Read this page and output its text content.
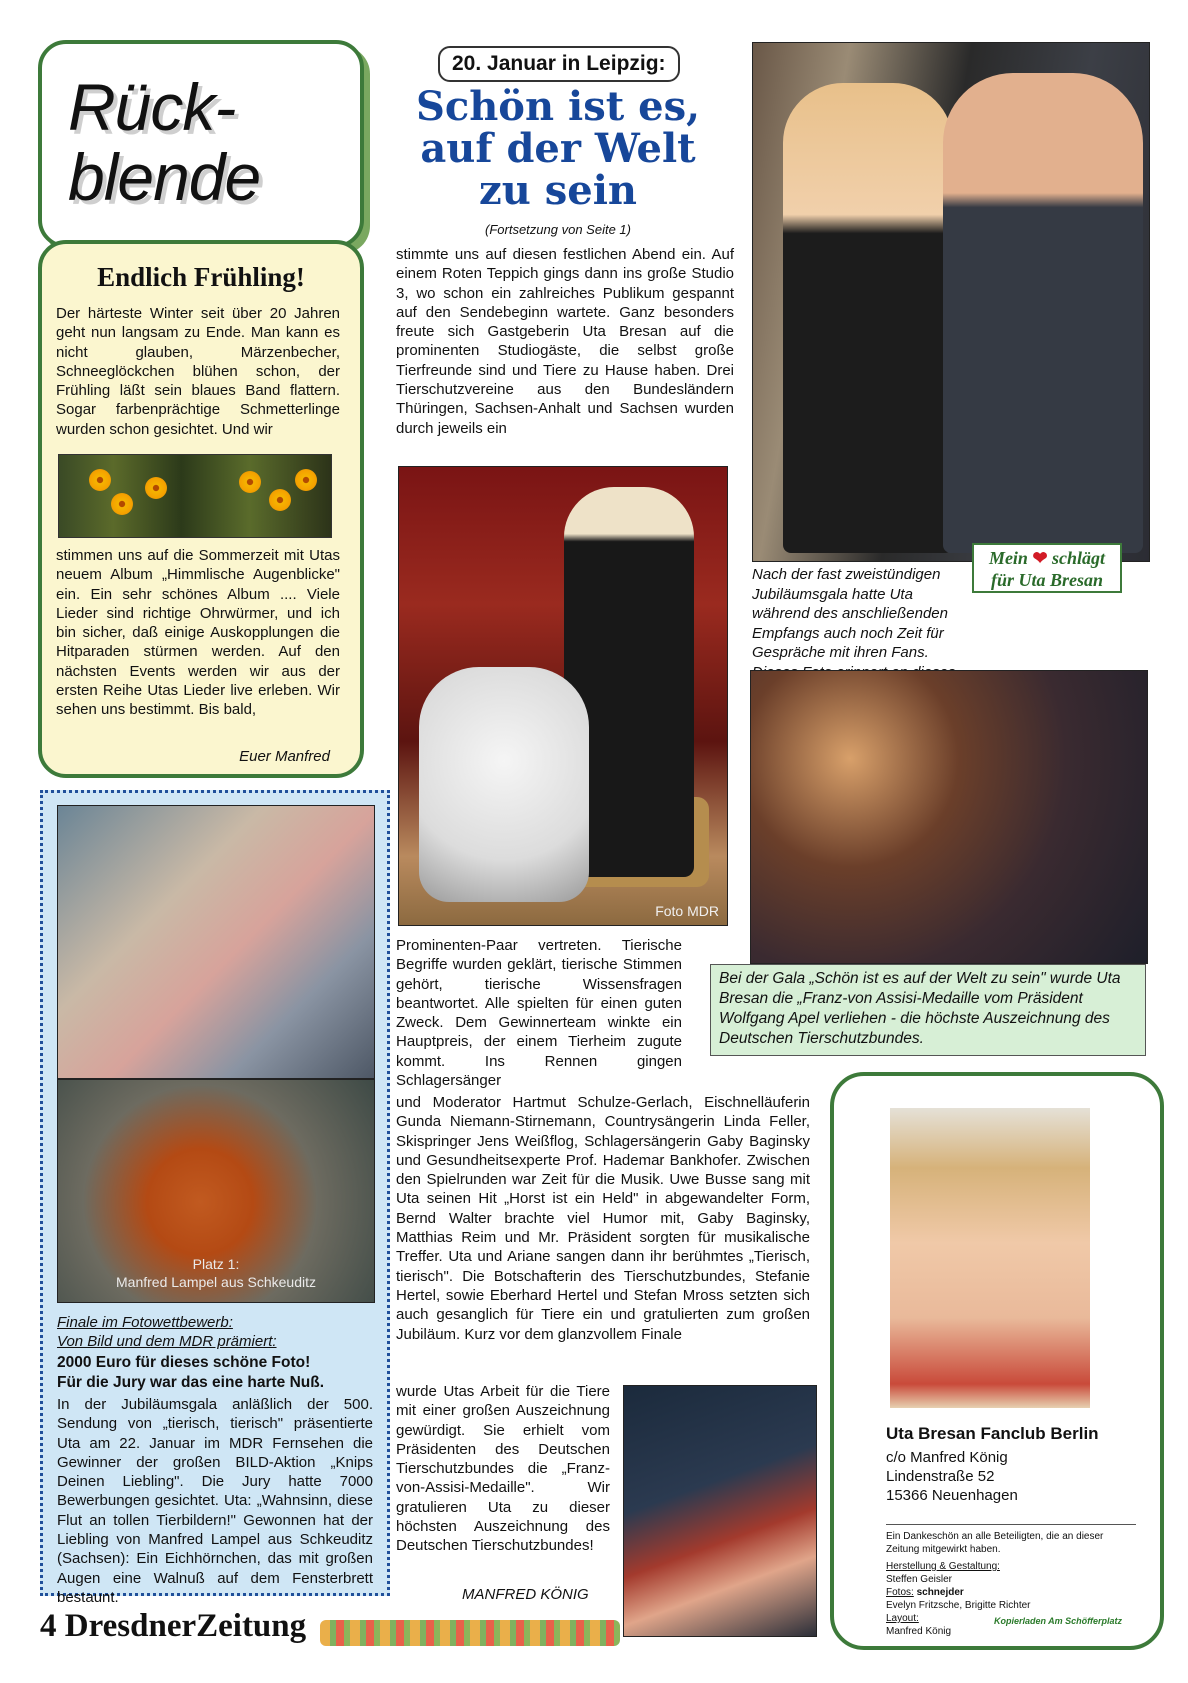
Rück-
blende
Endlich Frühling!

Der härteste Winter seit über 20 Jahren geht nun langsam zu Ende. Man kann es nicht glauben, Märzenbecher, Schneeglöckchen blühen schon, der Frühling läßt sein blaues Band flattern. Sogar farbenprächtige Schmetterlinge wurden schon gesichtet. Und wir

stimmen uns auf die Sommerzeit mit Utas neuem Album „Himmlische Augenblicke" ein. Ein sehr schönes Album .... Viele Lieder sind richtige Ohrwürmer, und ich bin sicher, daß einige Auskopplungen die Hitparaden stürmen werden. Auf den nächsten Events werden wir aus der ersten Reihe Utas Lieder live erleben. Wir sehen uns bestimmt. Bis bald,

Euer Manfred
Platz 1:
Manfred Lampel aus Schkeuditz
Finale im Fotowettbewerb:
Von Bild und dem MDR prämiert:
2000 Euro für dieses schöne Foto!
Für die Jury war das eine harte Nuß.

In der Jubiläumsgala anläßlich der 500. Sendung von „tierisch, tierisch" präsentierte Uta am 22. Januar im MDR Fernsehen die Gewinner der großen BILD-Aktion „Knips Deinen Liebling". Die Jury hatte 7000 Bewerbungen gesichtet. Uta: „Wahnsinn, diese Flut an tollen Tierbildern!" Gewonnen hat der Liebling von Manfred Lampel aus Schkeuditz (Sachsen): Ein Eichhörnchen, das mit großen Augen eine Walnuß auf dem Fensterbrett bestaunt.

4 DresdnerZeitung
20. Januar in Leipzig:
Schön ist es,
auf der Welt
zu sein
(Fortsetzung von Seite 1)

stimmte uns auf diesen festlichen Abend ein. Auf einem Roten Teppich gings dann ins große Studio 3, wo schon ein zahlreiches Publikum gespannt auf den Sendebeginn wartete. Ganz besonders freute sich Gastgeberin Uta Bresan auf die prominenten Studiogäste, die selbst große Tierfreunde sind und Tiere zu Hause haben. Drei Tierschutzvereine aus den Bundesländern Thüringen, Sachsen-Anhalt und Sachsen wurden durch jeweils ein

Foto MDR

Prominenten-Paar vertreten. Tierische Begriffe wurden geklärt, tierische Stimmen gehört, tierische Wissensfragen beantwortet. Alle spielten für einen guten Zweck. Dem Gewinnerteam winkte ein Hauptpreis, der einem Tierheim zugute kommt. Ins Rennen gingen Schlagersänger

und Moderator Hartmut Schulze-Gerlach, Eischnelläuferin Gunda Niemann-Stirnemann, Countrysängerin Linda Feller, Skispringer Jens Weißflog, Schlagersängerin Gaby Baginsky und Gesundheitsexperte Prof. Hademar Bankhofer. Zwischen den Spielrunden war Zeit für die Musik. Uwe Busse sang mit Uta seinen Hit „Horst ist ein Held" in abgewandelter Form, Bernd Walter brachte viel Humor mit, Gaby Baginsky, Matthias Reim und Mr. Präsident sorgten für musikalische Treffer. Uta und Ariane sangen dann ihr berühmtes „Tierisch, tierisch". Die Botschafterin des Tierschutzbundes, Stefanie Hertel, sowie Eberhard Hertel und Stefan Mross setzten sich auch gesanglich für Tiere ein und gratulierten zum großen Jubiläum. Kurz vor dem glanzvollem Finale

wurde Utas Arbeit für die Tiere mit einer großen Auszeichnung gewürdigt. Sie erhielt vom Präsidenten des Deutschen Tierschutzbundes die „Franz-von-Assisi-Medaille". Wir gratulieren Uta zu dieser höchsten Auszeichnung des Deutschen Tierschutzbundes!

MANFRED KÖNIG
Mein ❤ schlägt
für Uta Bresan
Nach der fast zweistündigen Jubiläumsgala hatte Uta während des anschließenden Empfangs auch noch Zeit für Gespräche mit ihren Fans.
Bei der Gala „Schön ist es auf der Welt zu sein" wurde Uta Bresan die „Franz-von Assisi-Medaille vom Präsident Wolfgang Apel verliehen - die höchste Auszeichnung des Deutschen Tierschutzbundes.
Uta Bresan Fanclub Berlin
c/o Manfred König
Lindenstraße 52
15366 Neuenhagen
Ein Dankeschön an alle Beteiligten, die an dieser Zeitung mitgewirkt haben.
Herstellung & Gestaltung:
Steffen Geisler
Fotos: schnejder
Evelyn Fritzsche, Brigitte Richter
Layout:
Manfred König
Kopierladen Am Schöfferplatz
